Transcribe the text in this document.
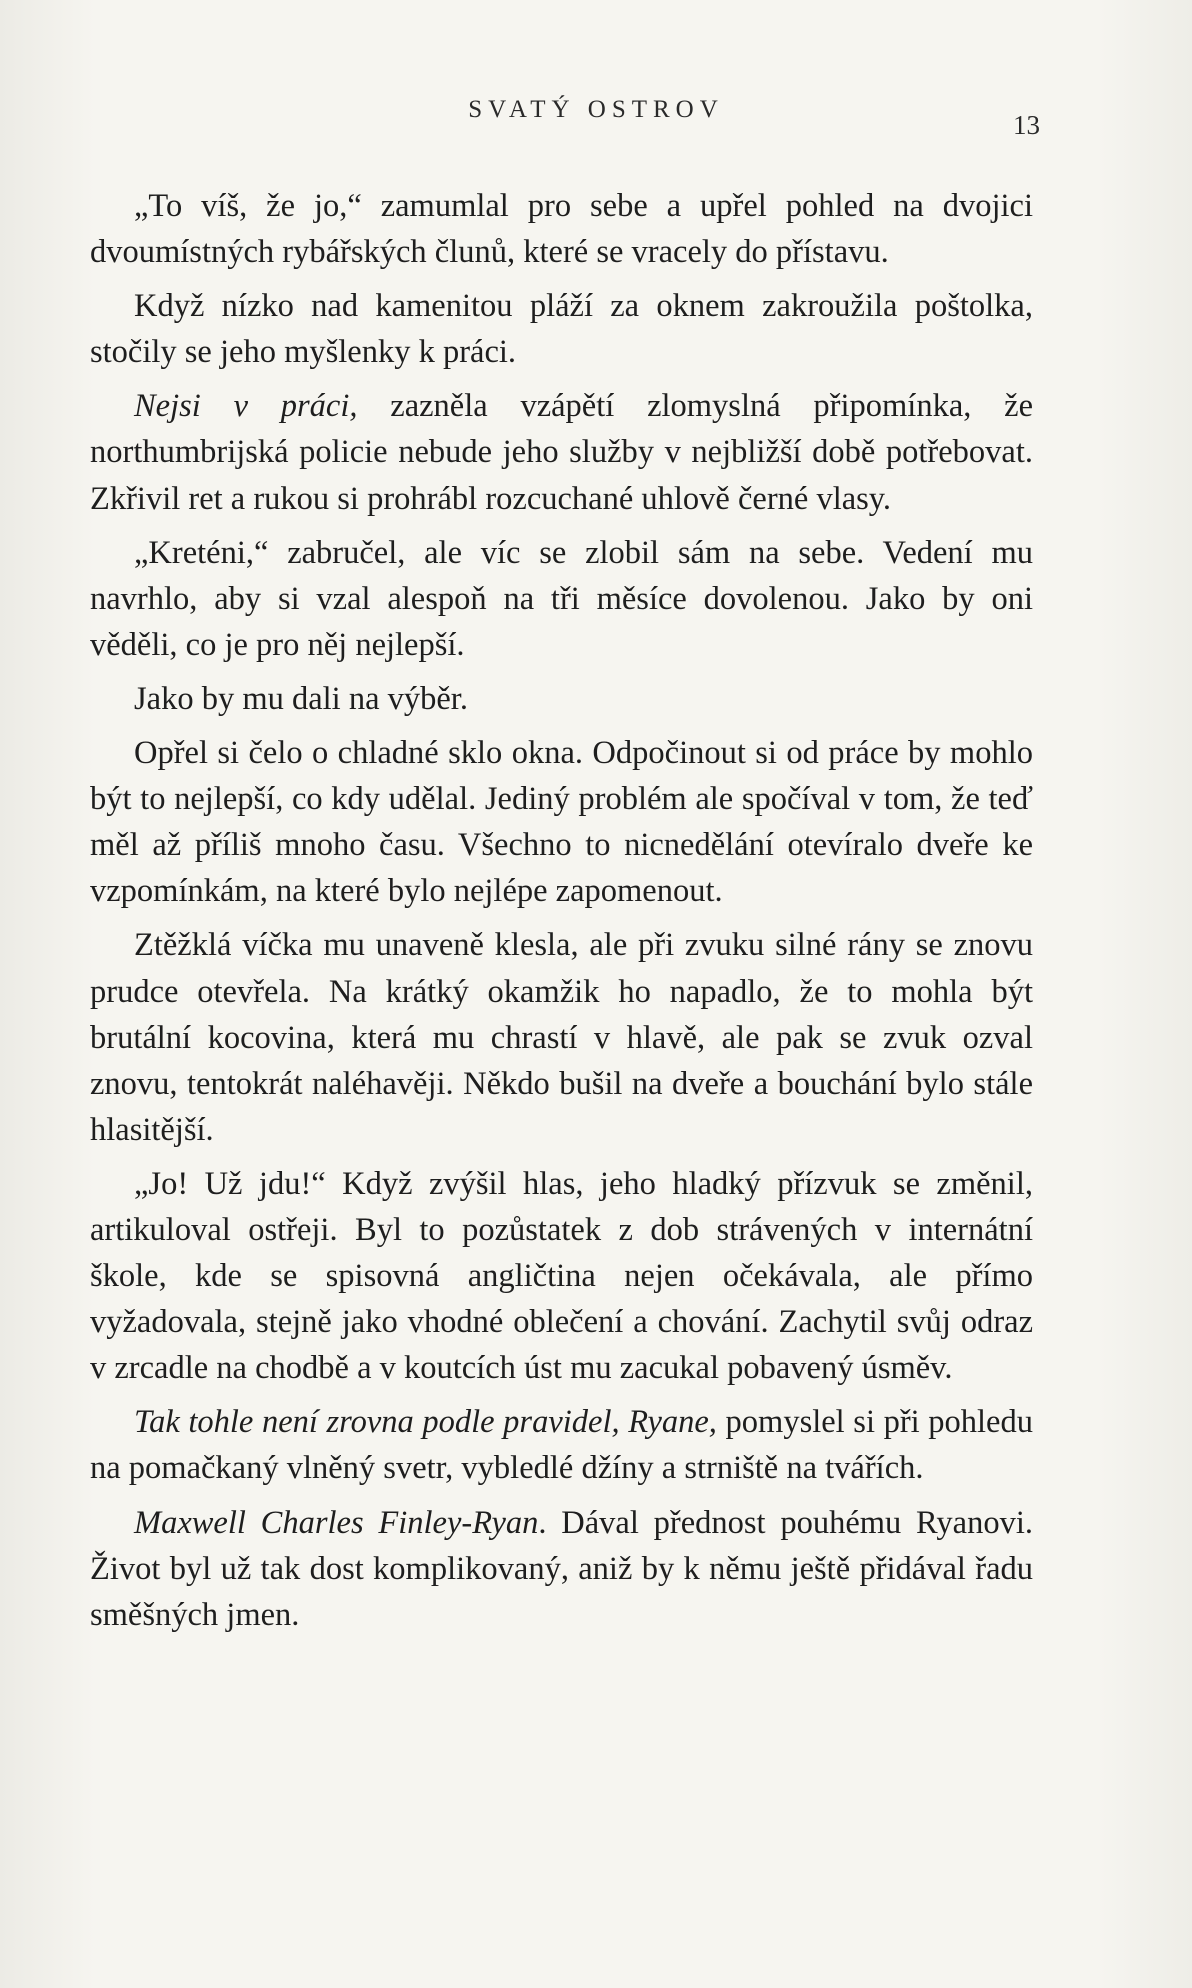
SVATÝ OSTROV
13

„To víš, že jo,“ zamumlal pro sebe a upřel pohled na dvojici dvoumístných rybářských člunů, které se vracely do přístavu.

Když nízko nad kamenitou pláží za oknem zakroužila poštolka, stočily se jeho myšlenky k práci.

Nejsi v práci, zazněla vzápětí zlomyslná připomínka, že northumbrijská policie nebude jeho služby v nejbližší době potřebovat. Zkřivil ret a rukou si prohrábl rozcuchané uhlově černé vlasy.

„Kreténi,“ zabručel, ale víc se zlobil sám na sebe. Vedení mu navrhlo, aby si vzal alespoň na tři měsíce dovolenou. Jako by oni věděli, co je pro něj nejlepší.

Jako by mu dali na výběr.

Opřel si čelo o chladné sklo okna. Odpočinout si od práce by mohlo být to nejlepší, co kdy udělal. Jediný problém ale spočíval v tom, že teď měl až příliš mnoho času. Všechno to nicnedělání otevíralo dveře ke vzpomínkám, na které bylo nejlépe zapomenout.

Ztěžklá víčka mu unaveně klesla, ale při zvuku silné rány se znovu prudce otevřela. Na krátký okamžik ho napadlo, že to mohla být brutální kocovina, která mu chrastí v hlavě, ale pak se zvuk ozval znovu, tentokrát naléhavěji. Někdo bušil na dveře a bouchání bylo stále hlasitější.

„Jo! Už jdu!“ Když zvýšil hlas, jeho hladký přízvuk se změnil, artikuloval ostřeji. Byl to pozůstatek z dob strávených v internátní škole, kde se spisovná angličtina nejen očekávala, ale přímo vyžadovala, stejně jako vhodné oblečení a chování. Zachytil svůj odraz v zrcadle na chodbě a v koutcích úst mu zacukal pobavený úsměv.

Tak tohle není zrovna podle pravidel, Ryane, pomyslel si při pohledu na pomačkaný vlněný svetr, vybledlé džíny a strniště na tvářích.

Maxwell Charles Finley-Ryan. Dával přednost pouhému Ryanovi. Život byl už tak dost komplikovaný, aniž by k němu ještě přidával řadu směšných jmen.
